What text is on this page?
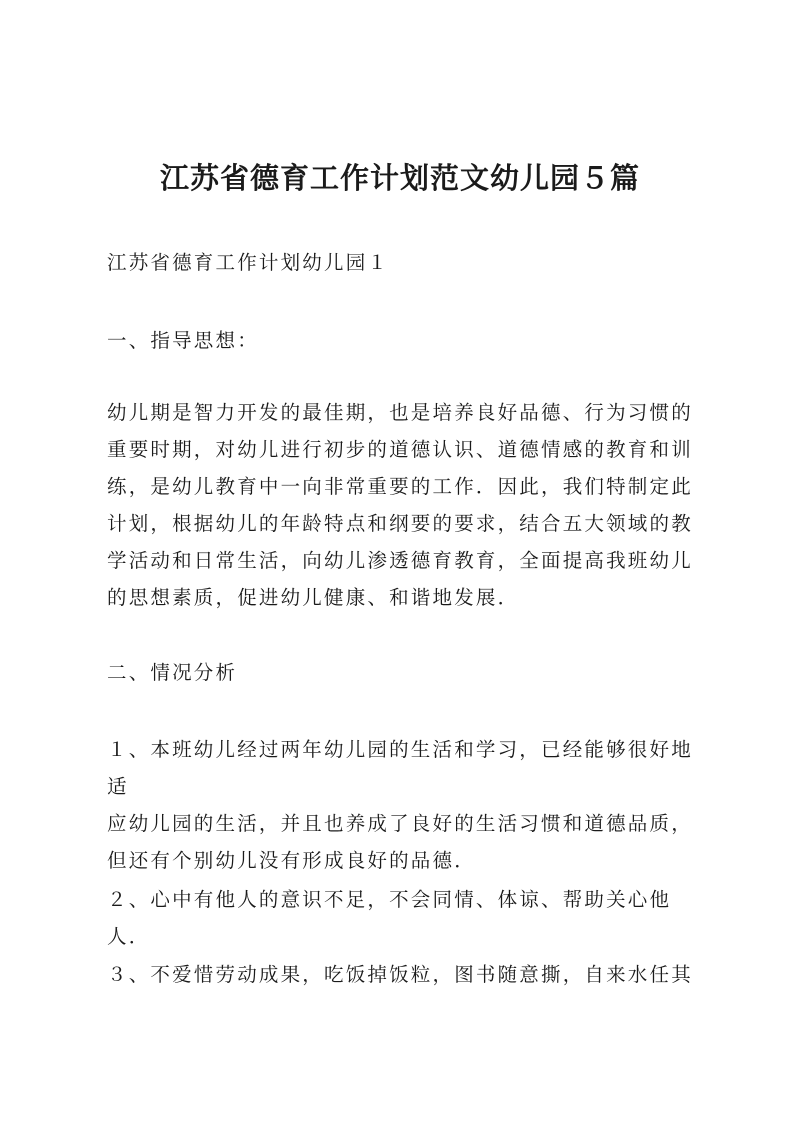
江苏省德育工作计划范文幼儿园５篇

江苏省德育工作计划幼儿园１

一、指导思想：

幼儿期是智力开发的最佳期，也是培养良好品德、行为习惯的
重要时期，对幼儿进行初步的道德认识、道德情感的教育和训
练，是幼儿教育中一向非常重要的工作．因此，我们特制定此
计划，根据幼儿的年龄特点和纲要的要求，结合五大领域的教
学活动和日常生活，向幼儿渗透德育教育，全面提高我班幼儿
的思想素质，促进幼儿健康、和谐地发展．

二、情况分析

１、本班幼儿经过两年幼儿园的生活和学习，已经能够很好地适
应幼儿园的生活，并且也养成了良好的生活习惯和道德品质，
但还有个别幼儿没有形成良好的品德．

２、心中有他人的意识不足，不会同情、体谅、帮助关心他人．

３、不爱惜劳动成果，吃饭掉饭粒，图书随意撕，自来水任其
